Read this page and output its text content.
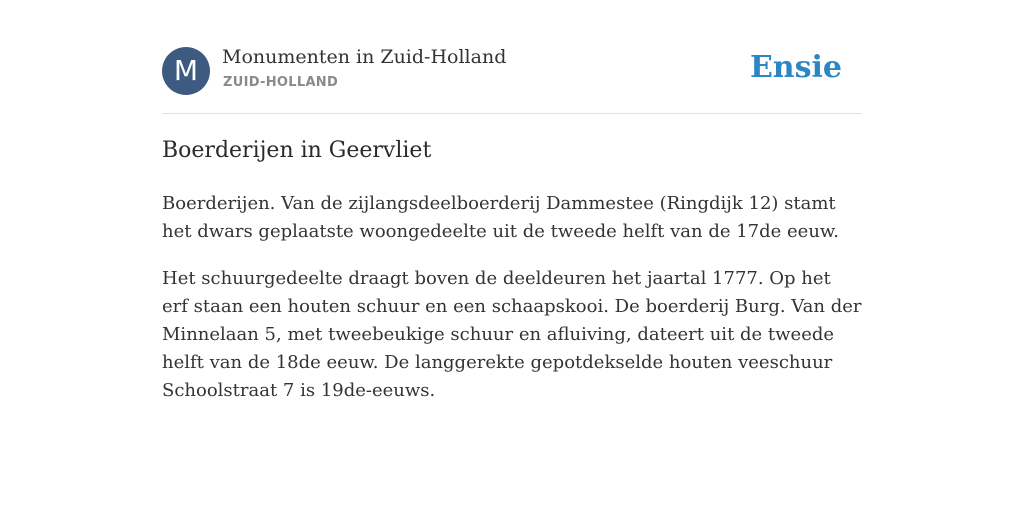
M	Monumenten in Zuid-Holland
ZUID-HOLLAND	Ensie
Boerderijen in Geervliet

Boerderijen. Van de zijlangsdeelboerderij Dammestee (Ringdijk 12) stamt het dwars geplaatste woongedeelte uit de tweede helft van de 17de eeuw.

Het schuurgedeelte draagt boven de deeldeuren het jaartal 1777. Op het erf staan een houten schuur en een schaapskooi. De boerderij Burg. Van der Minnelaan 5, met tweebeukige schuur en afluiving, dateert uit de tweede helft van de 18de eeuw. De langgerekte gepotdekselde houten veeschuur Schoolstraat 7 is 19de-eeuws.
